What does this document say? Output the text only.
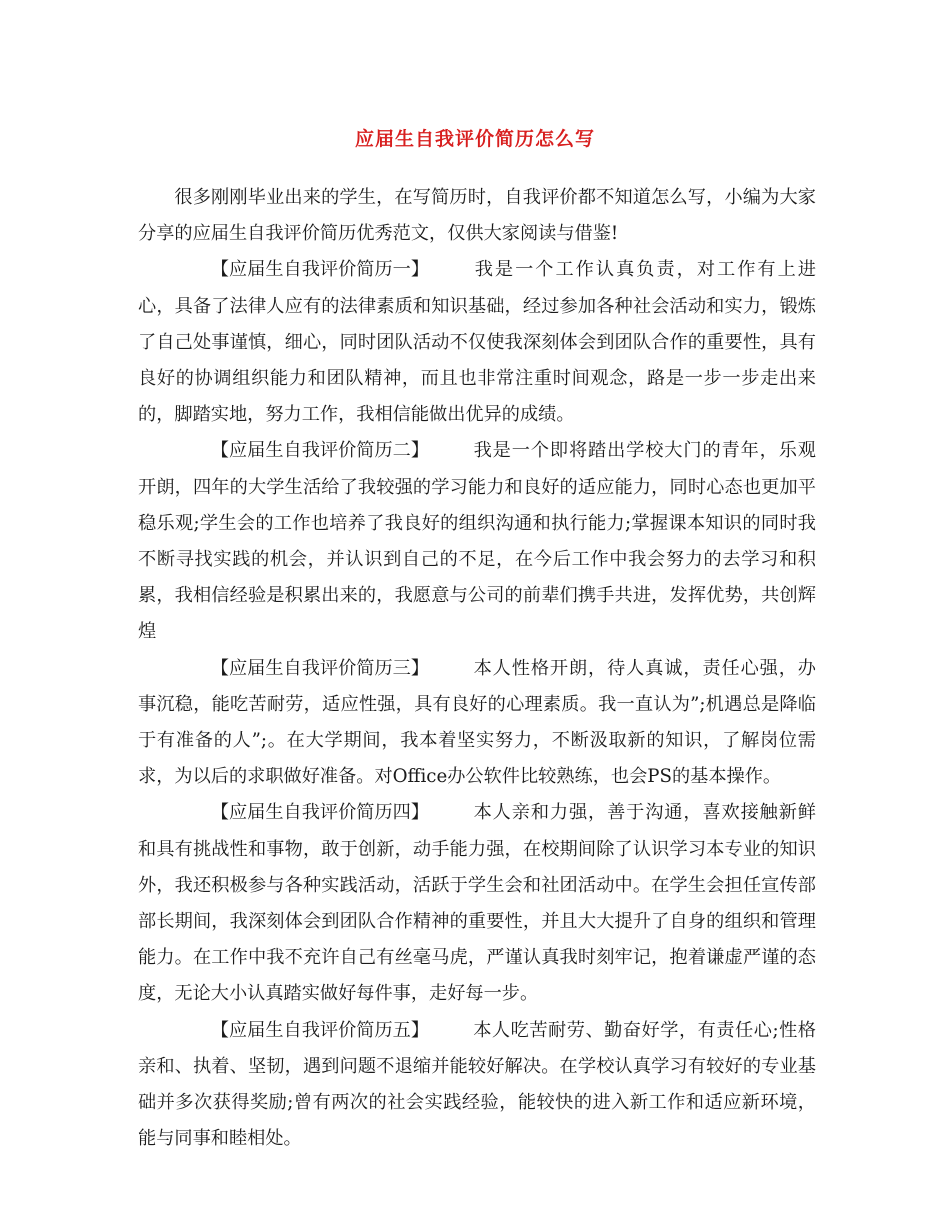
应届生自我评价简历怎么写

很多刚刚毕业出来的学生，在写简历时，自我评价都不知道怎么写，小编为大家分享的应届生自我评价简历优秀范文，仅供大家阅读与借鉴!

【应届生自我评价简历一】 我是一个工作认真负责，对工作有上进心，具备了法律人应有的法律素质和知识基础，经过参加各种社会活动和实力，锻炼了自己处事谨慎，细心，同时团队活动不仅使我深刻体会到团队合作的重要性，具有良好的协调组织能力和团队精神，而且也非常注重时间观念，路是一步一步走出来的，脚踏实地，努力工作，我相信能做出优异的成绩。

【应届生自我评价简历二】 我是一个即将踏出学校大门的青年，乐观开朗，四年的大学生活给了我较强的学习能力和良好的适应能力，同时心态也更加平稳乐观;学生会的工作也培养了我良好的组织沟通和执行能力;掌握课本知识的同时我不断寻找实践的机会，并认识到自己的不足，在今后工作中我会努力的去学习和积累，我相信经验是积累出来的，我愿意与公司的前辈们携手共进，发挥优势，共创辉煌

【应届生自我评价简历三】 本人性格开朗，待人真诚，责任心强，办事沉稳，能吃苦耐劳，适应性强，具有良好的心理素质。我一直认为”;机遇总是降临于有准备的人”;。在大学期间，我本着坚实努力，不断汲取新的知识，了解岗位需求，为以后的求职做好准备。对Office办公软件比较熟练，也会PS的基本操作。

【应届生自我评价简历四】 本人亲和力强，善于沟通，喜欢接触新鲜和具有挑战性和事物，敢于创新，动手能力强，在校期间除了认识学习本专业的知识外，我还积极参与各种实践活动，活跃于学生会和社团活动中。在学生会担任宣传部部长期间，我深刻体会到团队合作精神的重要性，并且大大提升了自身的组织和管理能力。在工作中我不充许自己有丝毫马虎，严谨认真我时刻牢记，抱着谦虚严谨的态度，无论大小认真踏实做好每件事，走好每一步。

【应届生自我评价简历五】 本人吃苦耐劳、勤奋好学，有责任心;性格亲和、执着、坚韧，遇到问题不退缩并能较好解决。在学校认真学习有较好的专业基础并多次获得奖励;曾有两次的社会实践经验，能较快的进入新工作和适应新环境，能与同事和睦相处。
